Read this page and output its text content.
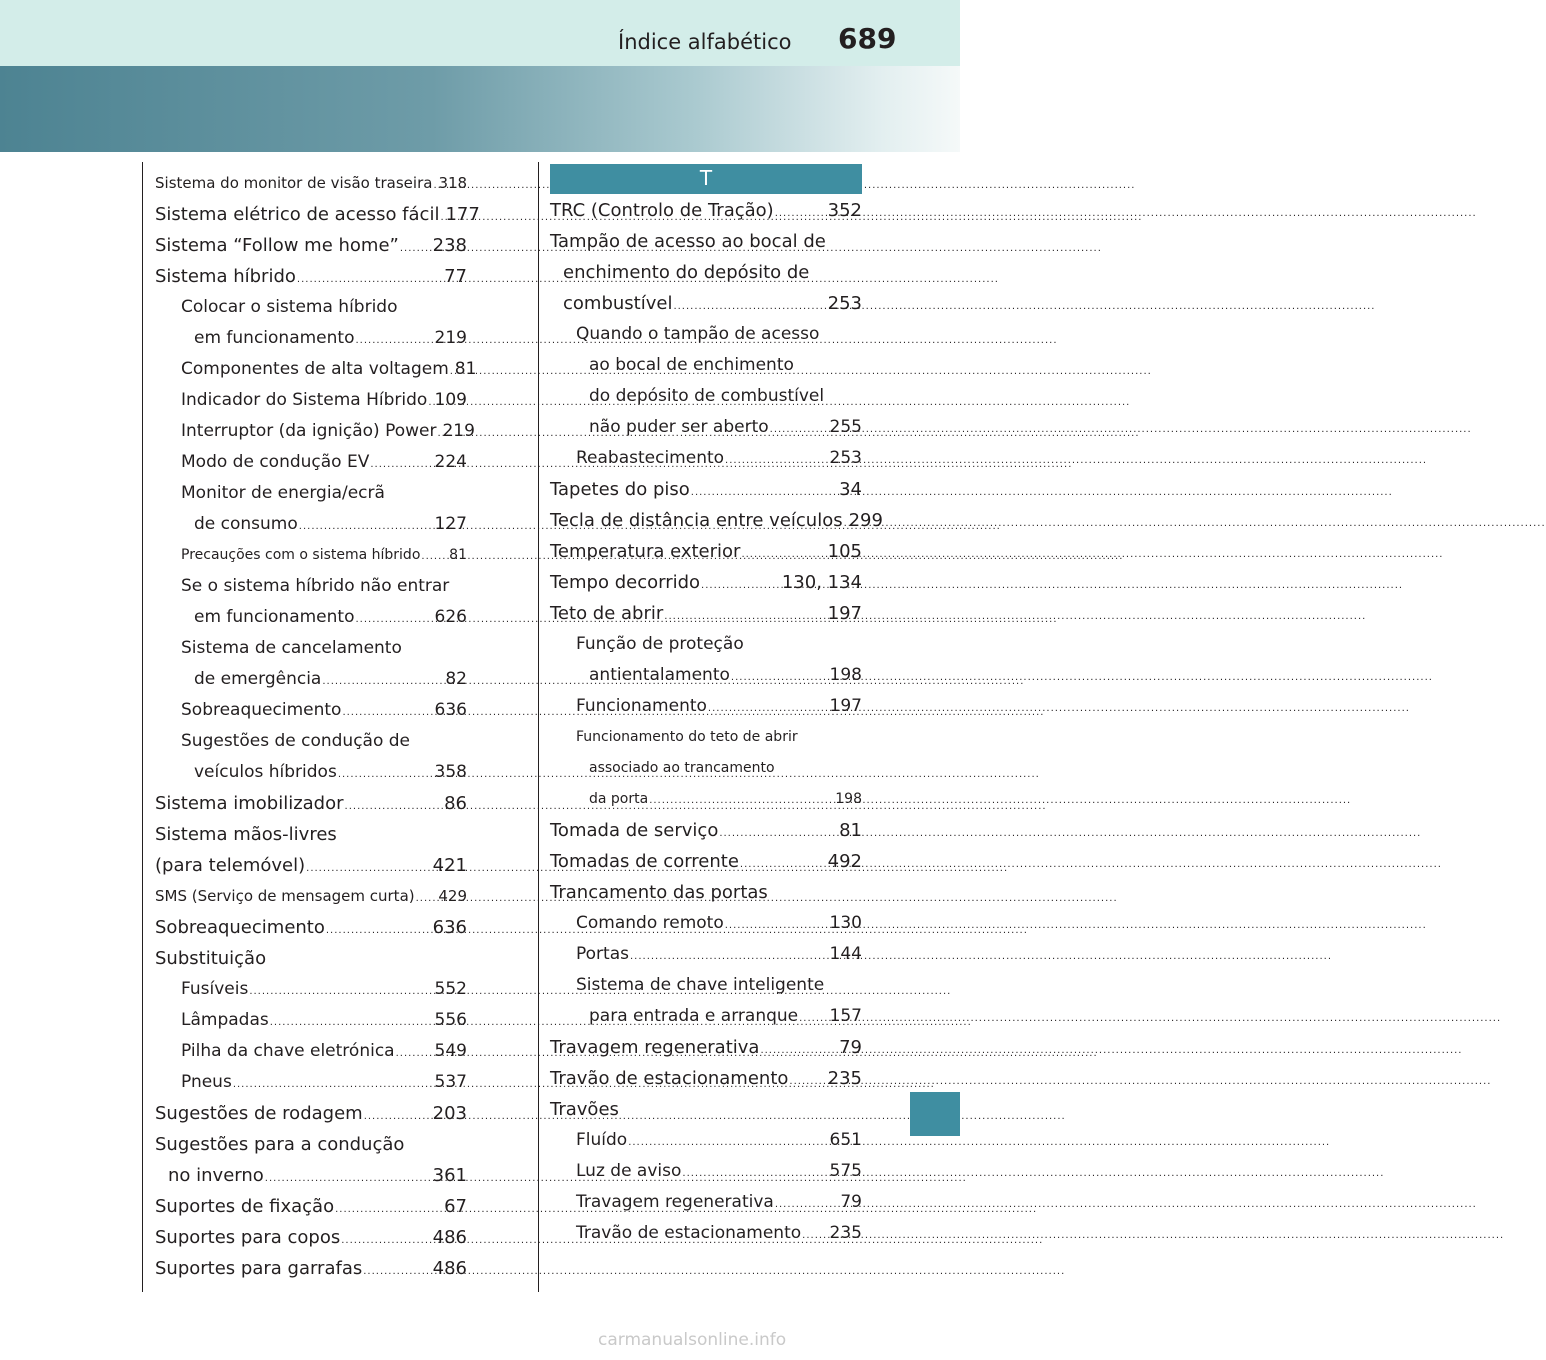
Índice alfabético 689
Sistema do monitor de visão traseira ..... 318
Sistema elétrico de acesso fácil ..... 177
Sistema “Follow me home” ..... 238
Sistema híbrido .....	77
Colocar o sistema híbrido
em funcionamento .....	219
Componentes de alta voltagem ..... 81
Indicador do Sistema Híbrido ..... 109
Interruptor (da ignição) Power ..... 219
Modo de condução EV .....	224
Monitor de energia/ecrã
de consumo .....	127
Precauções com o sistema híbrido ..... 81
Se o sistema híbrido não entrar
em funcionamento .....	626
Sistema de cancelamento
de emergência .....	82
Sobreaquecimento .....	636
Sugestões de condução de
veículos híbridos .....	358
Sistema imobilizador .....	86
Sistema mãos-livres
(para telemóvel) .....	421
SMS (Serviço de mensagem curta) ..... 429
Sobreaquecimento .....	636
Substituição
Fusíveis .....	552
Lâmpadas .....	556
Pilha da chave eletrónica ..... 549
Pneus .....	537
Sugestões de rodagem .....	203
Sugestões para a condução
no inverno .....	361
Suportes de fixação .....	67
Suportes para copos .....	486
Suportes para garrafas .....	486
T
TRC (Controlo de Tração) .....	352
Tampão de acesso ao bocal de
enchimento do depósito de
combustível .....	253
Quando o tampão de acesso
ao bocal de enchimento
do depósito de combustível
não puder ser aberto .....	255
Reabastecimento .....	253
Tapetes do piso .....	34
Tecla de distância entre veículos ..... 299
Temperatura exterior .....	105
Tempo decorrido .....	130, 134
Teto de abrir .....	197
Função de proteção
antientalamento .....	198
Funcionamento .....	197
Funcionamento do teto de abrir
associado ao trancamento
da porta .....	198
Tomada de serviço .....	81
Tomadas de corrente .....	492
Trancamento das portas
Comando remoto .....	130
Portas .....	144
Sistema de chave inteligente
para entrada e arranque ..... 157
Travagem regenerativa .....	79
Travão de estacionamento ..... 235
Travões
Fluído .....	651
Luz de aviso .....	575
Travagem regenerativa .....	79
Travão de estacionamento ..... 235
carmanualsonline.info
